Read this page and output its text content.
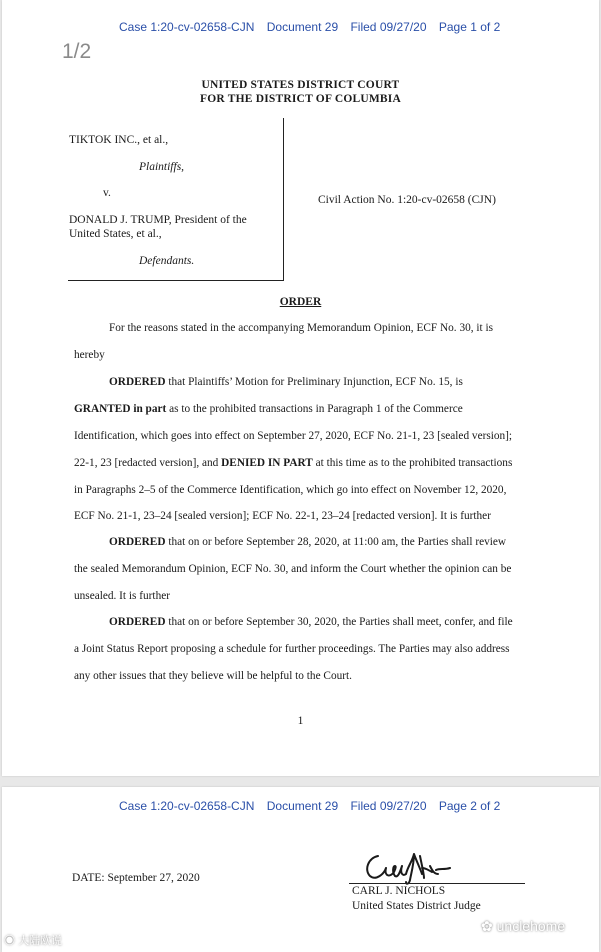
Case 1:20-cv-02658-CJN Document 29 Filed 09/27/20 Page 1 of 2
1/2
UNITED STATES DISTRICT COURT
FOR THE DISTRICT OF COLUMBIA
TIKTOK INC., et al.,
Plaintiffs,
v.
DONALD J. TRUMP, President of the
United States, et al.,
Defendants.
Civil Action No. 1:20-cv-02658 (CJN)
ORDER
For the reasons stated in the accompanying Memorandum Opinion, ECF No. 30, it is
hereby
ORDERED that Plaintiffs’ Motion for Preliminary Injunction, ECF No. 15, is
GRANTED in part as to the prohibited transactions in Paragraph 1 of the Commerce
Identification, which goes into effect on September 27, 2020, ECF No. 21-1, 23 [sealed version];
22-1, 23 [redacted version], and DENIED IN PART at this time as to the prohibited transactions
in Paragraphs 2–5 of the Commerce Identification, which go into effect on November 12, 2020,
ECF No. 21-1, 23–24 [sealed version]; ECF No. 22-1, 23–24 [redacted version]. It is further
ORDERED that on or before September 28, 2020, at 11:00 am, the Parties shall review
the sealed Memorandum Opinion, ECF No. 30, and inform the Court whether the opinion can be
unsealed. It is further
ORDERED that on or before September 30, 2020, the Parties shall meet, confer, and file
a Joint Status Report proposing a schedule for further proceedings. The Parties may also address
any other issues that they believe will be helpful to the Court.
1
Case 1:20-cv-02658-CJN Document 29 Filed 09/27/20 Page 2 of 2
DATE: September 27, 2020
CARL J. NICHOLS
United States District Judge
◉ 大陆欧说
✿ unclehome
